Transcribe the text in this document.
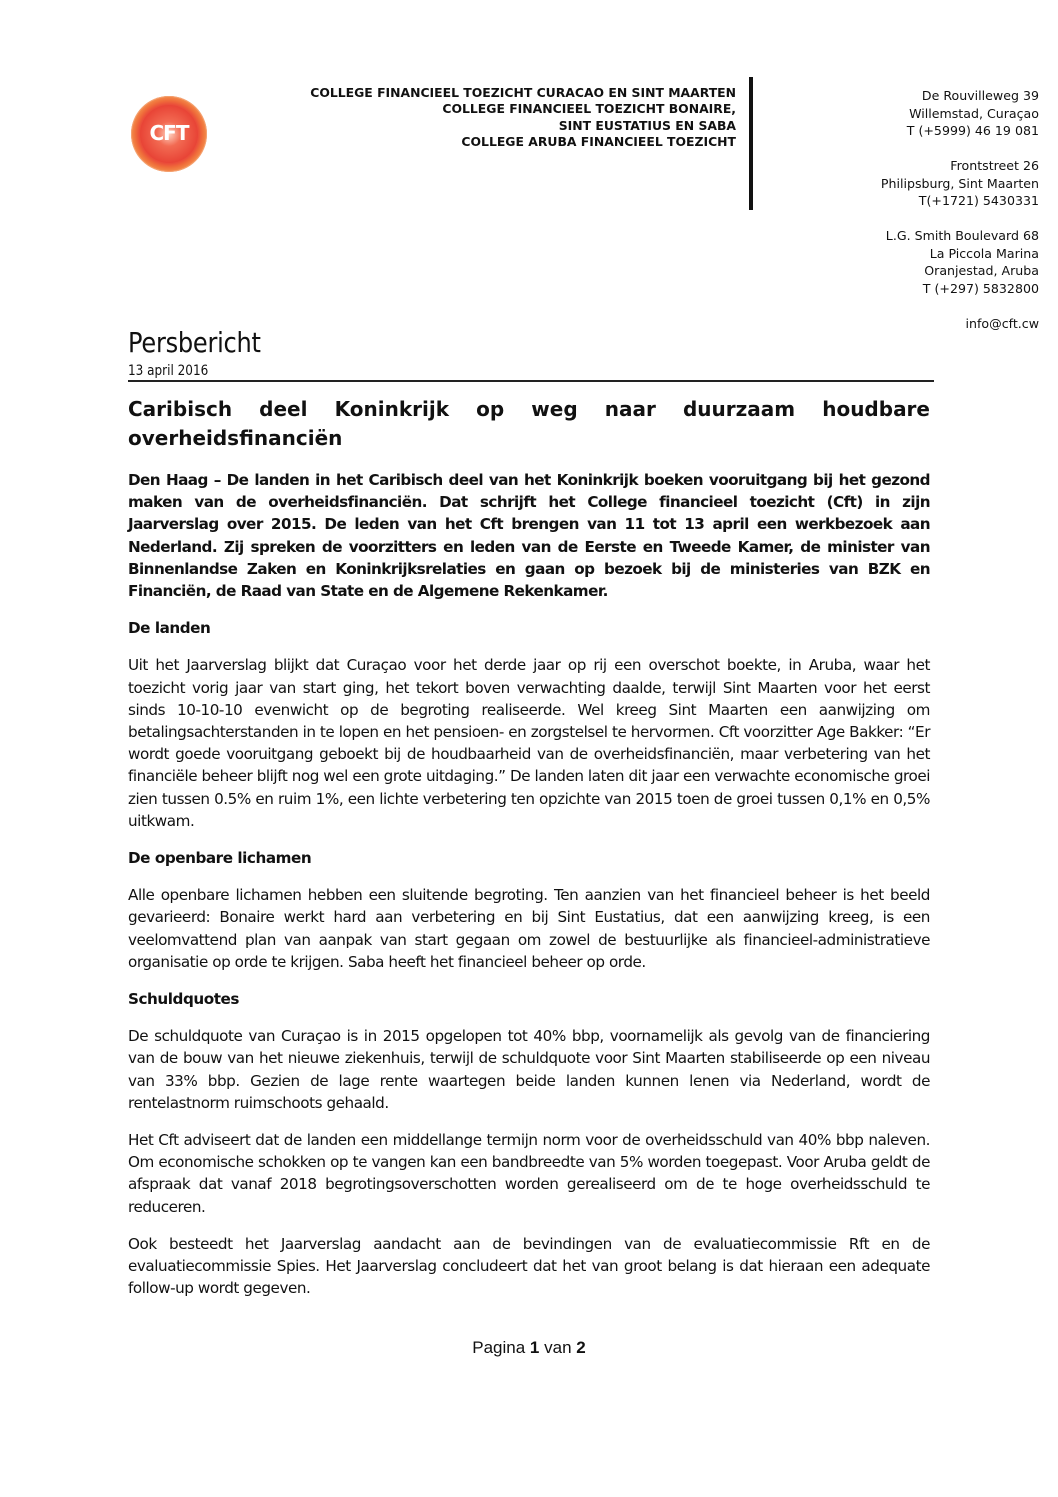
CFT
COLLEGE FINANCIEEL TOEZICHT CURACAO EN SINT MAARTEN
COLLEGE FINANCIEEL TOEZICHT BONAIRE,
SINT EUSTATIUS EN SABA
COLLEGE ARUBA FINANCIEEL TOEZICHT
De Rouvilleweg 39
Willemstad, Curaçao
T (+5999) 46 19 081
Frontstreet 26
Philipsburg, Sint Maarten
T(+1721) 5430331
L.G. Smith Boulevard 68
La Piccola Marina
Oranjestad, Aruba
T (+297) 5832800
info@cft.cw
Persbericht
13 april 2016
Caribisch deel Koninkrijk op weg naar duurzaam houdbare
overheidsfinanciën

Den Haag – De landen in het Caribisch deel van het Koninkrijk boeken vooruitgang bij het gezond maken van de overheidsfinanciën. Dat schrijft het College financieel toezicht (Cft) in zijn Jaarverslag over 2015. De leden van het Cft brengen van 11 tot 13 april een werkbezoek aan Nederland. Zij spreken de voorzitters en leden van de Eerste en Tweede Kamer, de minister van Binnenlandse Zaken en Koninkrijksrelaties en gaan op bezoek bij de ministeries van BZK en Financiën, de Raad van State en de Algemene Rekenkamer.

De landen

Uit het Jaarverslag blijkt dat Curaçao voor het derde jaar op rij een overschot boekte, in Aruba, waar het toezicht vorig jaar van start ging, het tekort boven verwachting daalde, terwijl Sint Maarten voor het eerst sinds 10-10-10 evenwicht op de begroting realiseerde. Wel kreeg Sint Maarten een aanwijzing om betalingsachterstanden in te lopen en het pensioen- en zorgstelsel te hervormen. Cft voorzitter Age Bakker: “Er wordt goede vooruitgang geboekt bij de houdbaarheid van de overheidsfinanciën, maar verbetering van het financiële beheer blijft nog wel een grote uitdaging.” De landen laten dit jaar een verwachte economische groei zien tussen 0.5% en ruim 1%, een lichte verbetering ten opzichte van 2015 toen de groei tussen 0,1% en 0,5% uitkwam.

De openbare lichamen

Alle openbare lichamen hebben een sluitende begroting. Ten aanzien van het financieel beheer is het beeld gevarieerd: Bonaire werkt hard aan verbetering en bij Sint Eustatius, dat een aanwijzing kreeg, is een veelomvattend plan van aanpak van start gegaan om zowel de bestuurlijke als financieel-administratieve organisatie op orde te krijgen. Saba heeft het financieel beheer op orde.

Schuldquotes

De schuldquote van Curaçao is in 2015 opgelopen tot 40% bbp, voornamelijk als gevolg van de financiering van de bouw van het nieuwe ziekenhuis, terwijl de schuldquote voor Sint Maarten stabiliseerde op een niveau van 33% bbp. Gezien de lage rente waartegen beide landen kunnen lenen via Nederland, wordt de rentelastnorm ruimschoots gehaald.

Het Cft adviseert dat de landen een middellange termijn norm voor de overheidsschuld van 40% bbp naleven. Om economische schokken op te vangen kan een bandbreedte van 5% worden toegepast. Voor Aruba geldt de afspraak dat vanaf 2018 begrotingsoverschotten worden gerealiseerd om de te hoge overheidsschuld te reduceren.

Ook besteedt het Jaarverslag aandacht aan de bevindingen van de evaluatiecommissie Rft en de evaluatiecommissie Spies. Het Jaarverslag concludeert dat het van groot belang is dat hieraan een adequate follow-up wordt gegeven.

Pagina 1 van 2
